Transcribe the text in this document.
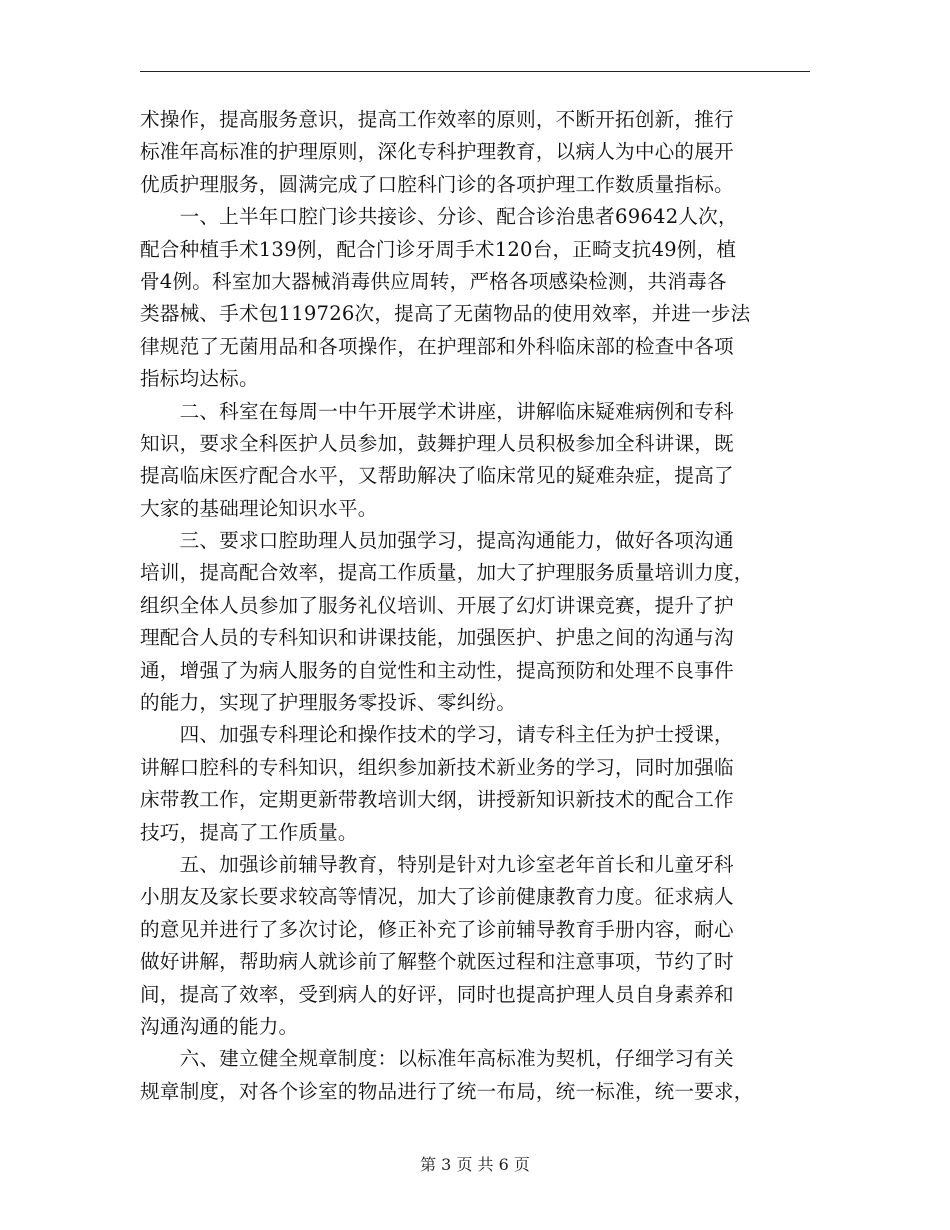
术操作，提高服务意识，提高工作效率的原则，不断开拓创新，推行
标准年高标准的护理原则，深化专科护理教育，以病人为中心的展开
优质护理服务，圆满完成了口腔科门诊的各项护理工作数质量指标。
　　一、上半年口腔门诊共接诊、分诊、配合诊治患者69642人次，
配合种植手术139例，配合门诊牙周手术120台，正畸支抗49例，植
骨4例。科室加大器械消毒供应周转，严格各项感染检测，共消毒各
类器械、手术包119726次，提高了无菌物品的使用效率，并进一步法
律规范了无菌用品和各项操作，在护理部和外科临床部的检查中各项
指标均达标。
　　二、科室在每周一中午开展学术讲座，讲解临床疑难病例和专科
知识，要求全科医护人员参加，鼓舞护理人员积极参加全科讲课，既
提高临床医疗配合水平，又帮助解决了临床常见的疑难杂症，提高了
大家的基础理论知识水平。
　　三、要求口腔助理人员加强学习，提高沟通能力，做好各项沟通
培训，提高配合效率，提高工作质量，加大了护理服务质量培训力度，
组织全体人员参加了服务礼仪培训、开展了幻灯讲课竞赛，提升了护
理配合人员的专科知识和讲课技能，加强医护、护患之间的沟通与沟
通，增强了为病人服务的自觉性和主动性，提高预防和处理不良事件
的能力，实现了护理服务零投诉、零纠纷。
　　四、加强专科理论和操作技术的学习，请专科主任为护士授课，
讲解口腔科的专科知识，组织参加新技术新业务的学习，同时加强临
床带教工作，定期更新带教培训大纲，讲授新知识新技术的配合工作
技巧，提高了工作质量。
　　五、加强诊前辅导教育，特别是针对九诊室老年首长和儿童牙科
小朋友及家长要求较高等情况，加大了诊前健康教育力度。征求病人
的意见并进行了多次讨论，修正补充了诊前辅导教育手册内容，耐心
做好讲解，帮助病人就诊前了解整个就医过程和注意事项，节约了时
间，提高了效率，受到病人的好评，同时也提高护理人员自身素养和
沟通沟通的能力。
　　六、建立健全规章制度：以标准年高标准为契机，仔细学习有关
规章制度，对各个诊室的物品进行了统一布局，统一标准，统一要求，
第 3 页 共 6 页
